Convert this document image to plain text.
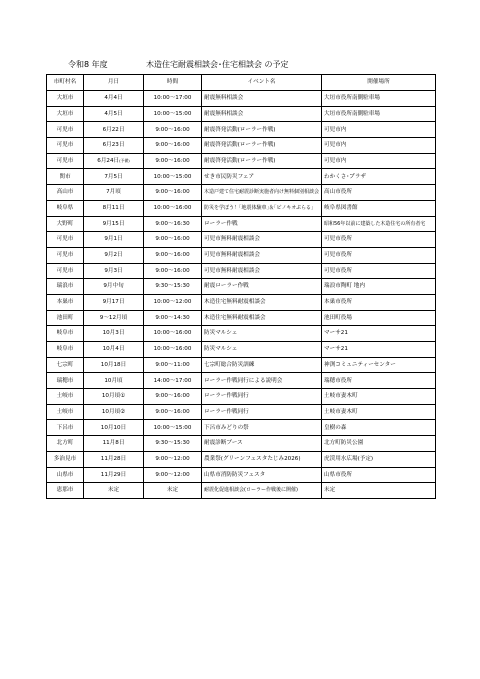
令和8 年度	木造住宅耐震相談会･住宅相談会 の予定
市町村名	月日	時間	イベント名	開催場所
大垣市	4月4日	10:00～17:00	耐震無料相談会	大垣市役所南側駐車場
大垣市	4月5日	10:00～15:00	耐震無料相談会	大垣市役所南側駐車場
可児市	6月22日	9:00～16:00	耐震啓発活動(ローラー作戦)	可児市内
可児市	6月23日	9:00～16:00	耐震啓発活動(ローラー作戦)	可児市内
可児市	6月24日(予備)	9:00～16:00	耐震啓発活動(ローラー作戦)	可児市内
関市	7月5日	10:00～15:00	せき市民防災フェア	わかくさ･プラザ
高山市	7月頃	9:00～16:00	木造戸建て住宅耐震診断実施者向け無料個別相談会	高山市役所
岐阜県	8月11日	10:00～16:00	防災を学ぼう！｢地震体験車｣＆｢ピノキオぷらる｣	岐阜県図書館
大野町	9月15日	9:00～16:30	ローラー作戦	昭和56年以前に建築した木造住宅の所有者宅
可児市	9月1日	9:00～16:00	可児市無料耐震相談会	可児市役所
可児市	9月2日	9:00～16:00	可児市無料耐震相談会	可児市役所
可児市	9月3日	9:00～16:00	可児市無料耐震相談会	可児市役所
瑞浪市	9月中旬	9:30～15:30	耐震ローラー作戦	瑞浪市陶町 地内
本巣市	9月17日	10:00～12:00	木造住宅無料耐震相談会	本巣市役所
池田町	9～12月頃	9:00～14:30	木造住宅無料耐震相談会	池田町役場
岐阜市	10月3日	10:00～16:00	防災マルシェ	マーサ21
岐阜市	10月4日	10:00～16:00	防災マルシェ	マーサ21
七宗町	10月18日	9:00～11:00	七宗町総合防災訓練	神渕コミュニティーセンター
瑞穂市	10月頃	14:00～17:00	ローラー作戦同行による説明会	瑞穂市役所
土岐市	10月頃①	9:00～16:00	ローラー作戦同行	土岐市妻木町
土岐市	10月頃②	9:00～16:00	ローラー作戦同行	土岐市妻木町
下呂市	10月10日	10:00～15:00	下呂市みどりの祭	皇樹の森
北方町	11月8日	9:30～15:30	耐震診断ブース	北方町防災公園
多治見市	11月28日	9:00～12:00	農業祭(グリーンフェスタたじみ2026)	虎渓用水広場(予定)
山県市	11月29日	9:00～12:00	山県市消防防災フェスタ	山県市役所
恵那市	未定	未定	耐震化促進相談会(ローラー作戦後に開催)	未定
